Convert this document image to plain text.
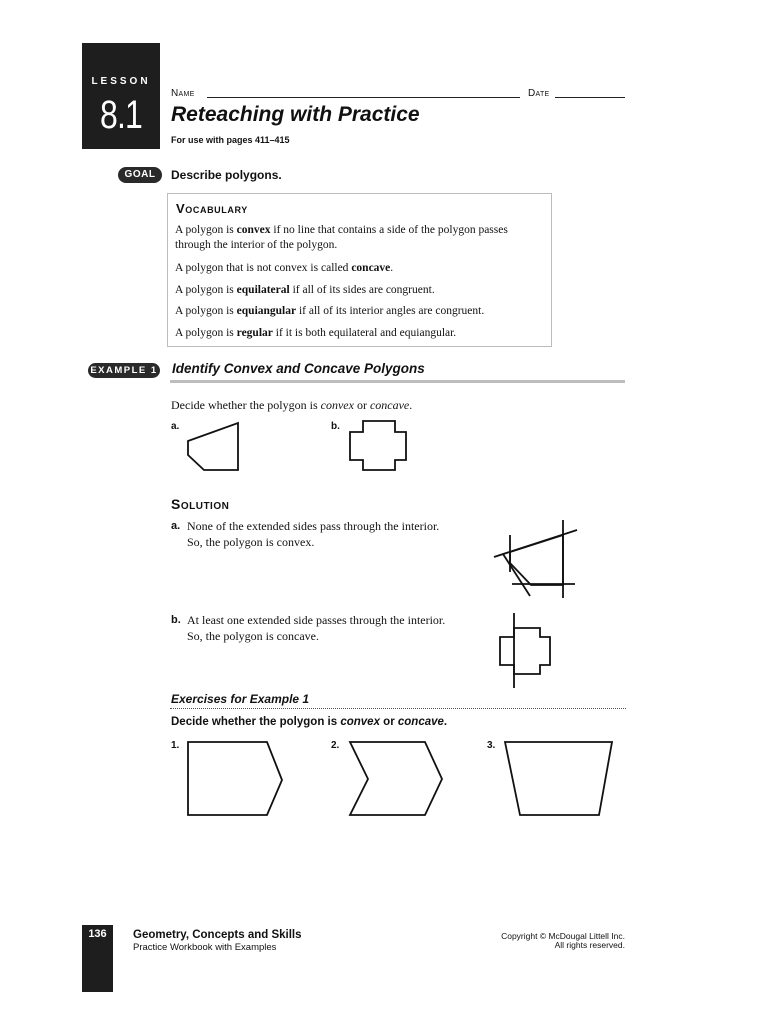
LESSON
8.1	Name	Date
Reteaching with Practice
For use with pages 411–415
GOAL	Describe polygons.
Vocabulary
A polygon is convex if no line that contains a side of the polygon passes through the interior of the polygon.
A polygon that is not convex is called concave.
A polygon is equilateral if all of its sides are congruent.
A polygon is equiangular if all of its interior angles are congruent.
A polygon is regular if it is both equilateral and equiangular.
EXAMPLE 1 Identify Convex and Concave Polygons
Decide whether the polygon is convex or concave.
a.	b.
Solution
a. None of the extended sides pass through the interior.
So, the polygon is convex.
b. At least one extended side passes through the interior.
So, the polygon is concave.
Exercises for Example 1
Decide whether the polygon is convex or concave.
1.	2.	3.
136	Geometry, Concepts and Skills
Practice Workbook with Examples
Copyright © McDougal Littell Inc.
All rights reserved.
